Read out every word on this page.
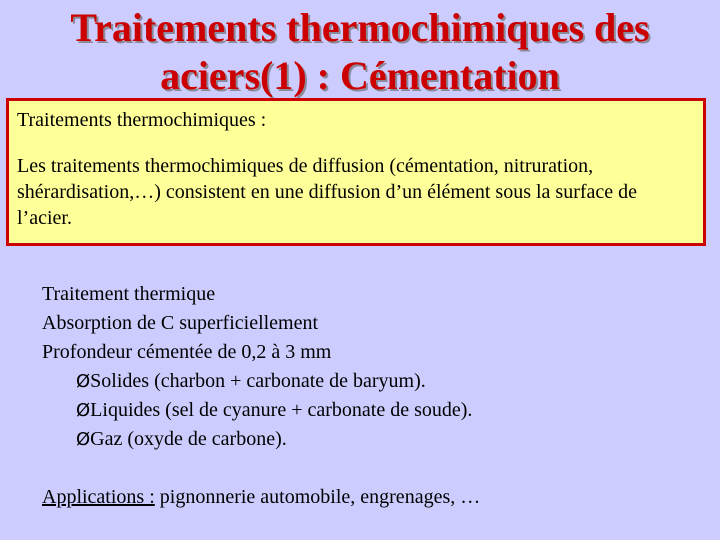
Traitements thermochimiques des
aciers(1) : Cémentation

Traitements thermochimiques :

Les traitements thermochimiques de diffusion (cémentation, nitruration, shérardisation,…) consistent en une diffusion d’un élément sous la surface de l’acier.

Traitement thermique
Absorption de C superficiellement
Profondeur cémentée de 0,2 à 3 mm
ØSolides (charbon + carbonate de baryum).
ØLiquides (sel de cyanure + carbonate de soude).
ØGaz (oxyde de carbone).
Applications : pignonnerie automobile, engrenages, …
